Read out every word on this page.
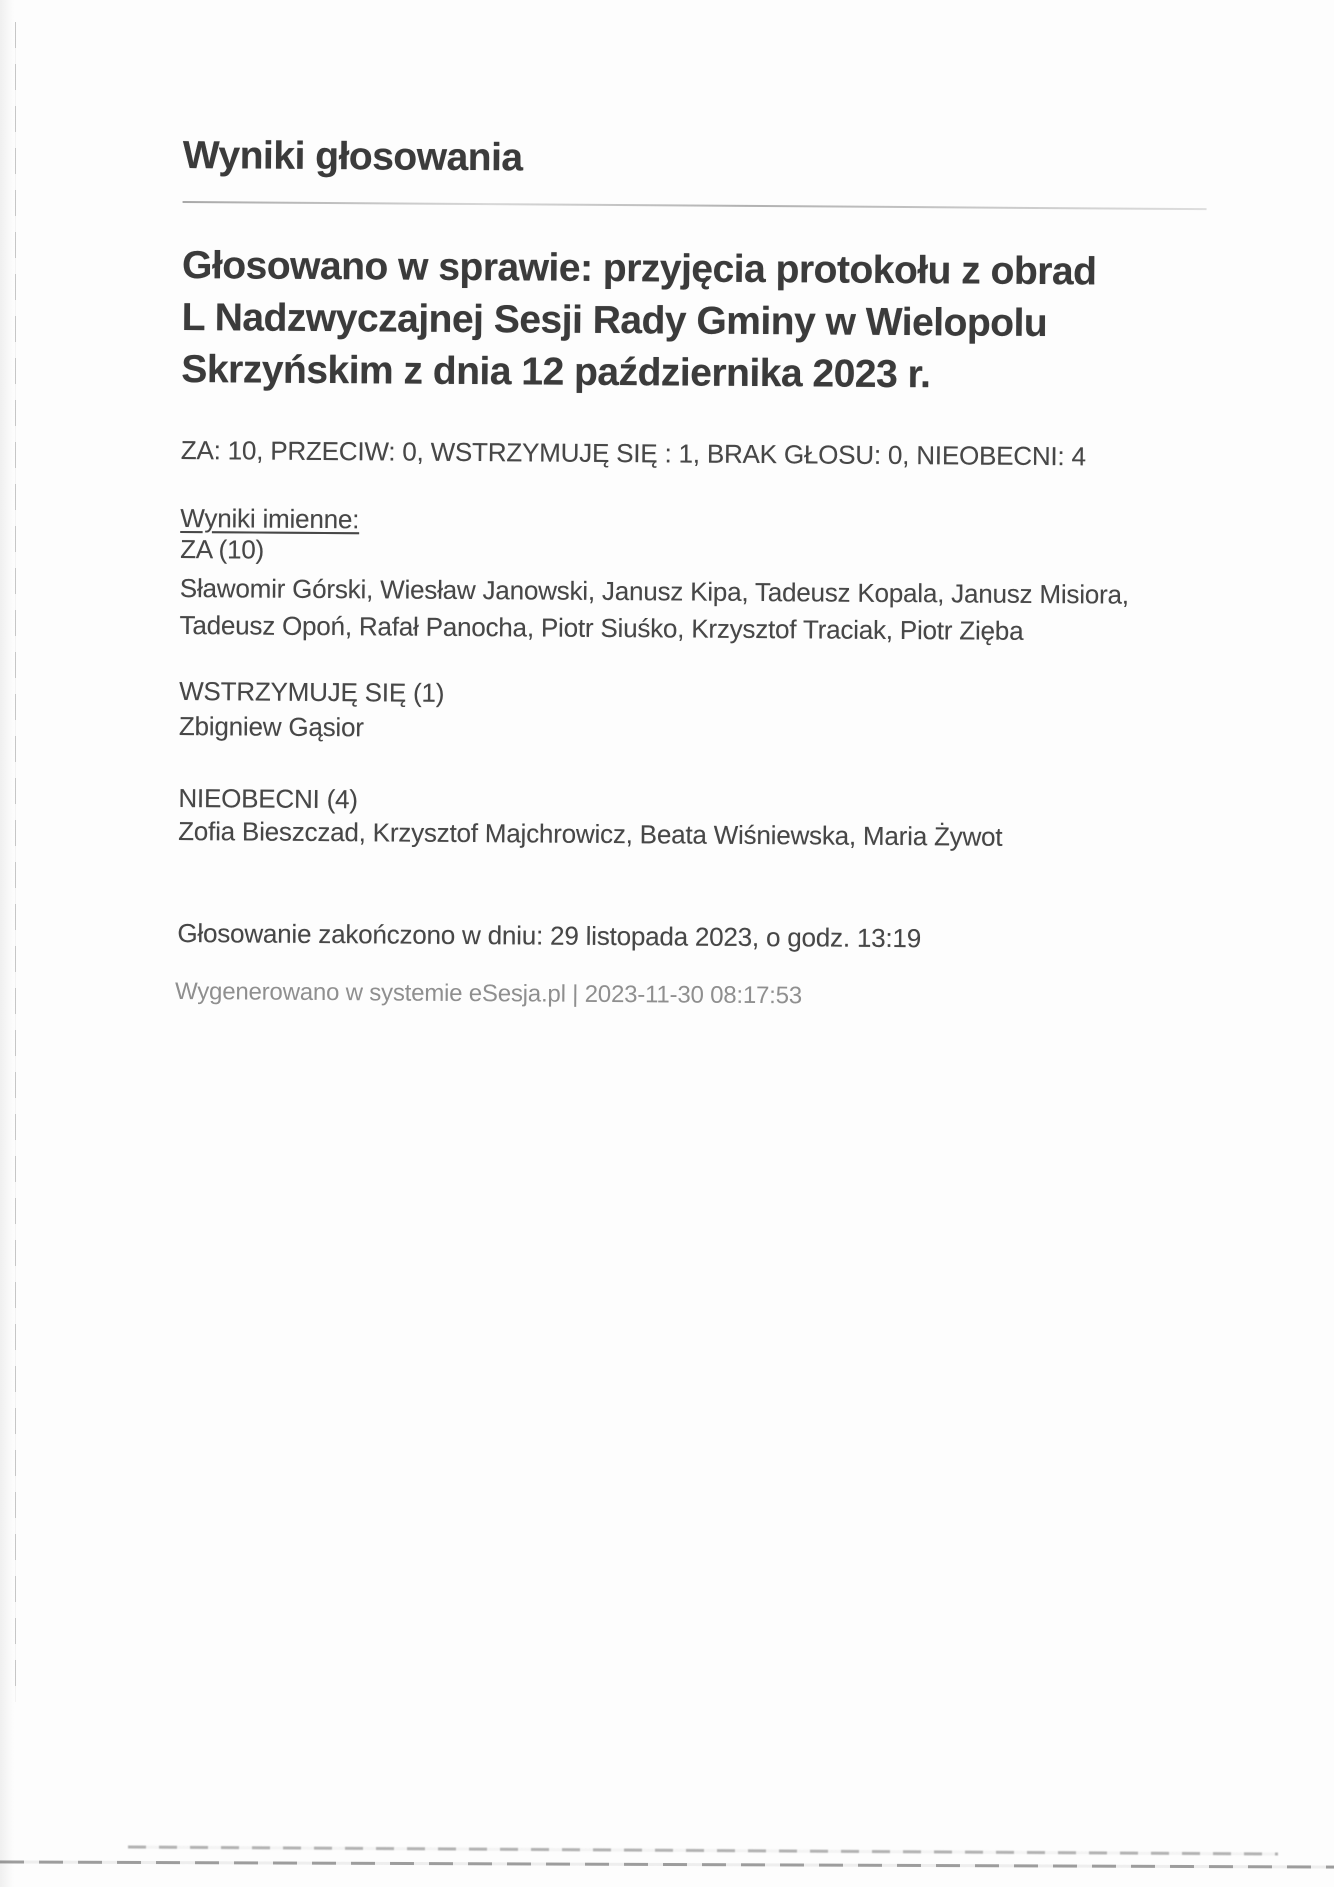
Wyniki głosowania
Głosowano w sprawie: przyjęcia protokołu z obrad
L Nadzwyczajnej Sesji Rady Gminy w Wielopolu
Skrzyńskim z dnia 12 października 2023 r.
ZA: 10, PRZECIW: 0, WSTRZYMUJĘ SIĘ : 1, BRAK GŁOSU: 0, NIEOBECNI: 4
Wyniki imienne:
ZA (10)
Sławomir Górski, Wiesław Janowski, Janusz Kipa, Tadeusz Kopala, Janusz Misiora,
Tadeusz Opoń, Rafał Panocha, Piotr Siuśko, Krzysztof Traciak, Piotr Zięba
WSTRZYMUJĘ SIĘ (1)
Zbigniew Gąsior
NIEOBECNI (4)
Zofia Bieszczad, Krzysztof Majchrowicz, Beata Wiśniewska, Maria Żywot
Głosowanie zakończono w dniu: 29 listopada 2023, o godz. 13:19
Wygenerowano w systemie eSesja.pl | 2023-11-30 08:17:53
